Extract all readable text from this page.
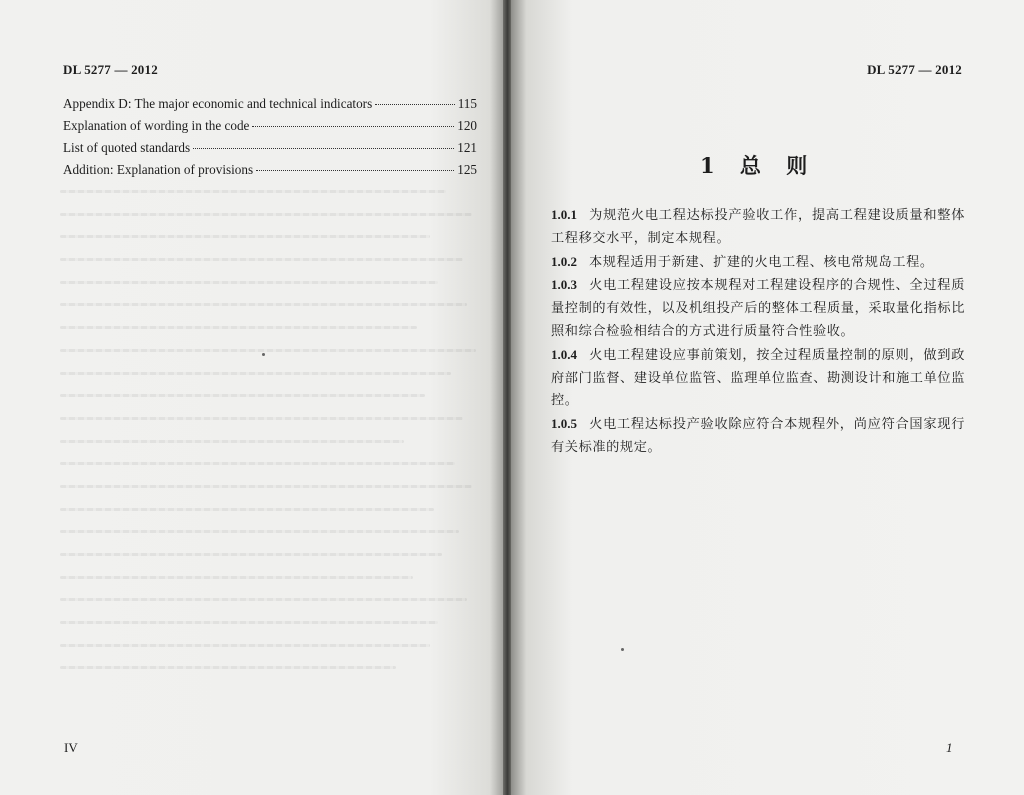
DL 5277 — 2012
Appendix D: The major economic and technical indicators	115
Explanation of wording in the code	120
List of quoted standards	121
Addition: Explanation of provisions	125
IV
DL 5277 — 2012
1 总 则
1.0.1 为规范火电工程达标投产验收工作，提高工程建设质量和整体工程移交水平，制定本规程。
1.0.2 本规程适用于新建、扩建的火电工程、核电常规岛工程。
1.0.3 火电工程建设应按本规程对工程建设程序的合规性、全过程质量控制的有效性，以及机组投产后的整体工程质量，采取量化指标比照和综合检验相结合的方式进行质量符合性验收。
1.0.4 火电工程建设应事前策划，按全过程质量控制的原则，做到政府部门监督、建设单位监管、监理单位监查、勘测设计和施工单位监控。
1.0.5 火电工程达标投产验收除应符合本规程外，尚应符合国家现行有关标准的规定。
1
